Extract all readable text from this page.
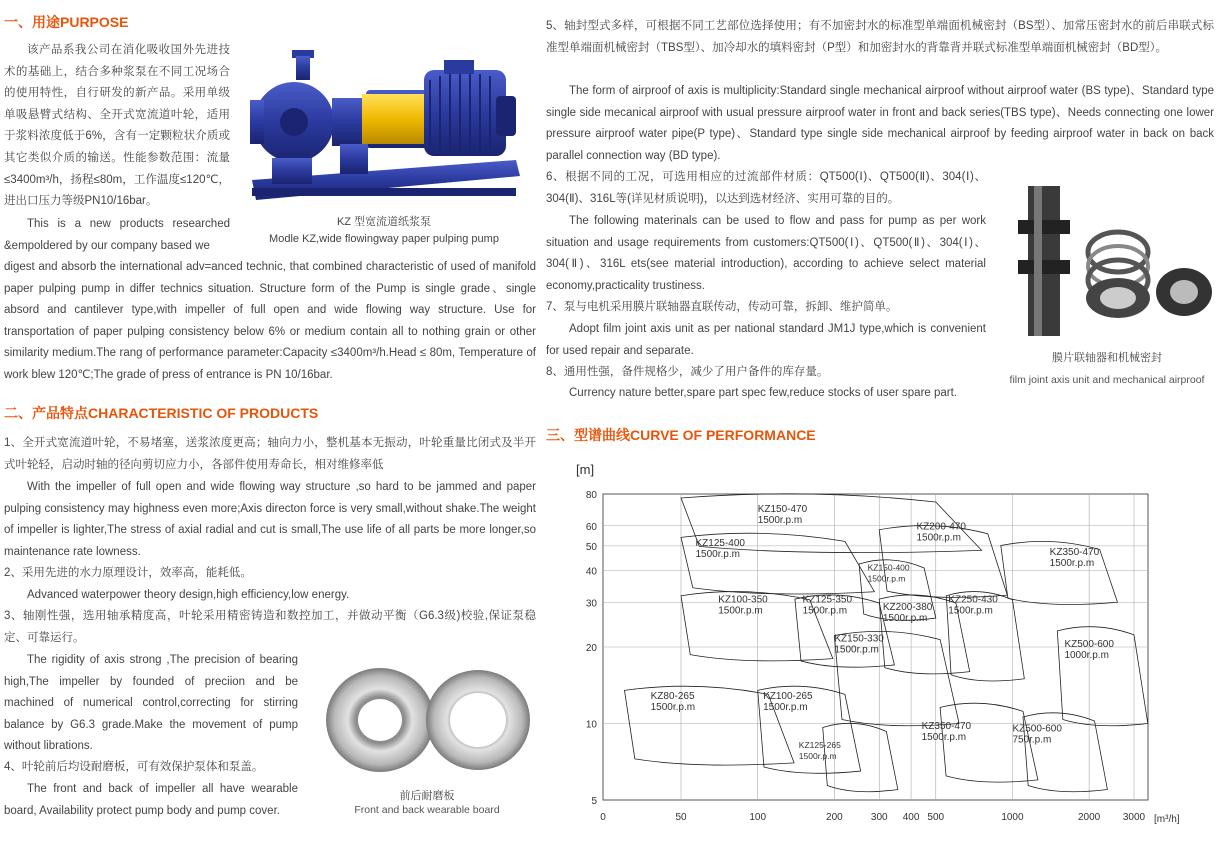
一、用途PURPOSE
该产品系我公司在消化吸收国外先进技术的基础上，结合多种浆泵在不同工况场合的使用特性，自行研发的新产品。采用单级单吸悬臂式结构、全开式宽流道叶轮，适用于浆料浓度低于6%，含有一定颗粒状介质或其它类似介质的输送。性能参数范围：流量≤3400m³/h，扬程≤80m，工作温度≤120℃，进出口压力等级PN10/16bar。
This is a new products researched &empoldered by our company based we
digest and absorb the international adv=anced technic, that combined characteristic of used of manifold paper pulping pump in differ technics situation. Structure form of the Pump is single grade、single absord and cantilever type,with impeller of full open and wide flowing way structure. Use for transportation of paper pulping consistency below 6% or medium contain all to nothing grain or other similarity medium.The rang of performance parameter:Capacity ≤3400m³/h.Head ≤ 80m, Temperature of work blew 120℃;The grade of press of entrance is PN 10/16bar.
KZ 型宽流道纸浆泵
Modle KZ,wide flowingway paper pulping pump
二、产品特点CHARACTERISTIC OF PRODUCTS
1、全开式宽流道叶轮，不易堵塞，送浆浓度更高；轴向力小，整机基本无振动，叶轮重量比闭式及半开式叶轮轻，启动时轴的径向剪切应力小，各部件使用寿命长，相对维修率低
With the impeller of full open and wide flowing way structure ,so hard to be jammed and paper pulping consistency may highness even more;Axis directon force is very small,without shake.The weight of impeller is lighter,The stress of axial radial and cut is small,The use life of all parts be more longer,so maintenance rate lowness.
2、采用先进的水力原理设计，效率高，能耗低。
Advanced waterpower theory design,high efficiency,low energy.
3、轴刚性强，选用轴承精度高，叶轮采用精密铸造和数控加工，并做动平衡（G6.3级)校验,保证泵稳定、可靠运行。
The rigidity of axis strong ,The precision of bearing high,The impeller by founded of preciion and be machined of numerical control,correcting for stirring balance by G6.3 grade.Make the movement of pump without librations.
4、叶轮前后均设耐磨板，可有效保护泵体和泵盖。
The front and back of impeller all have wearable board, Availability protect pump body and pump cover.
前后耐磨板
Front and back wearable board
5、轴封型式多样，可根据不同工艺部位选择使用；有不加密封水的标准型单端面机械密封（BS型）、加常压密封水的前后串联式标准型单端面机械密封（TBS型）、加冷却水的填料密封（P型）和加密封水的背靠背并联式标准型单端面机械密封（BD型）。
The form of airproof of axis is multiplicity:Standard single mechanical airproof without airproof water (BS type)、Standard type single side mecanical airproof with usual pressure airproof water in front and back series(TBS type)、Needs connecting one lower pressure airproof water pipe(P type)、Standard type single side mechanical airproof by feeding airproof water in back on back parallel connection way (BD type).
6、根据不同的工况，可选用相应的过流部件材质：QT500(Ⅰ)、QT500(Ⅱ)、304(Ⅰ)、304(Ⅱ)、316L等(详见材质说明)，以达到选材经济、实用可靠的目的。
The following materinals can be used to flow and pass for pump as per work situation and usage requirements from customers:QT500(Ⅰ)、QT500(Ⅱ)、304(Ⅰ)、304(Ⅱ)、316L ets(see material introduction), according to achieve select material economy,practicality trustiness.
7、泵与电机采用膜片联轴器直联传动，传动可靠，拆卸、维护简单。
Adopt film joint axis unit as per national standard JM1J type,which is convenient for used repair and separate.
8、通用性强，备件规格少，减少了用户备件的库存量。
Currency nature better,spare part spec few,reduce stocks of user spare part.
膜片联轴器和机械密封
film joint axis unit and mechanical airproof
三、型谱曲线CURVE OF PERFORMANCE
[m]
[m³/h]
80
60
50
40
30
20
10
5
0	50	100	200	300 400 500	1000	2000 3000
KZ150-470
1500r.p.m
KZ125-400
1500r.p.m
KZ200-470
1500r.p.m
KZ350-470
1500r.p.m
KZ150-400
1500r.p.m
KZ100-350
1500r.p.m
KZ125-350
1500r.p.m	KZ200-380
1500r.p.m
KZ250-430
1500r.p.m
KZ150-330
1500r.p.m
KZ500-600
1000r.p.m
KZ80-265
1500r.p.m
KZ100-265
1500r.p.m
KZ125-265
1500r.p.m
KZ350-470
1500r.p.m
KZ500-600
750r.p.m
